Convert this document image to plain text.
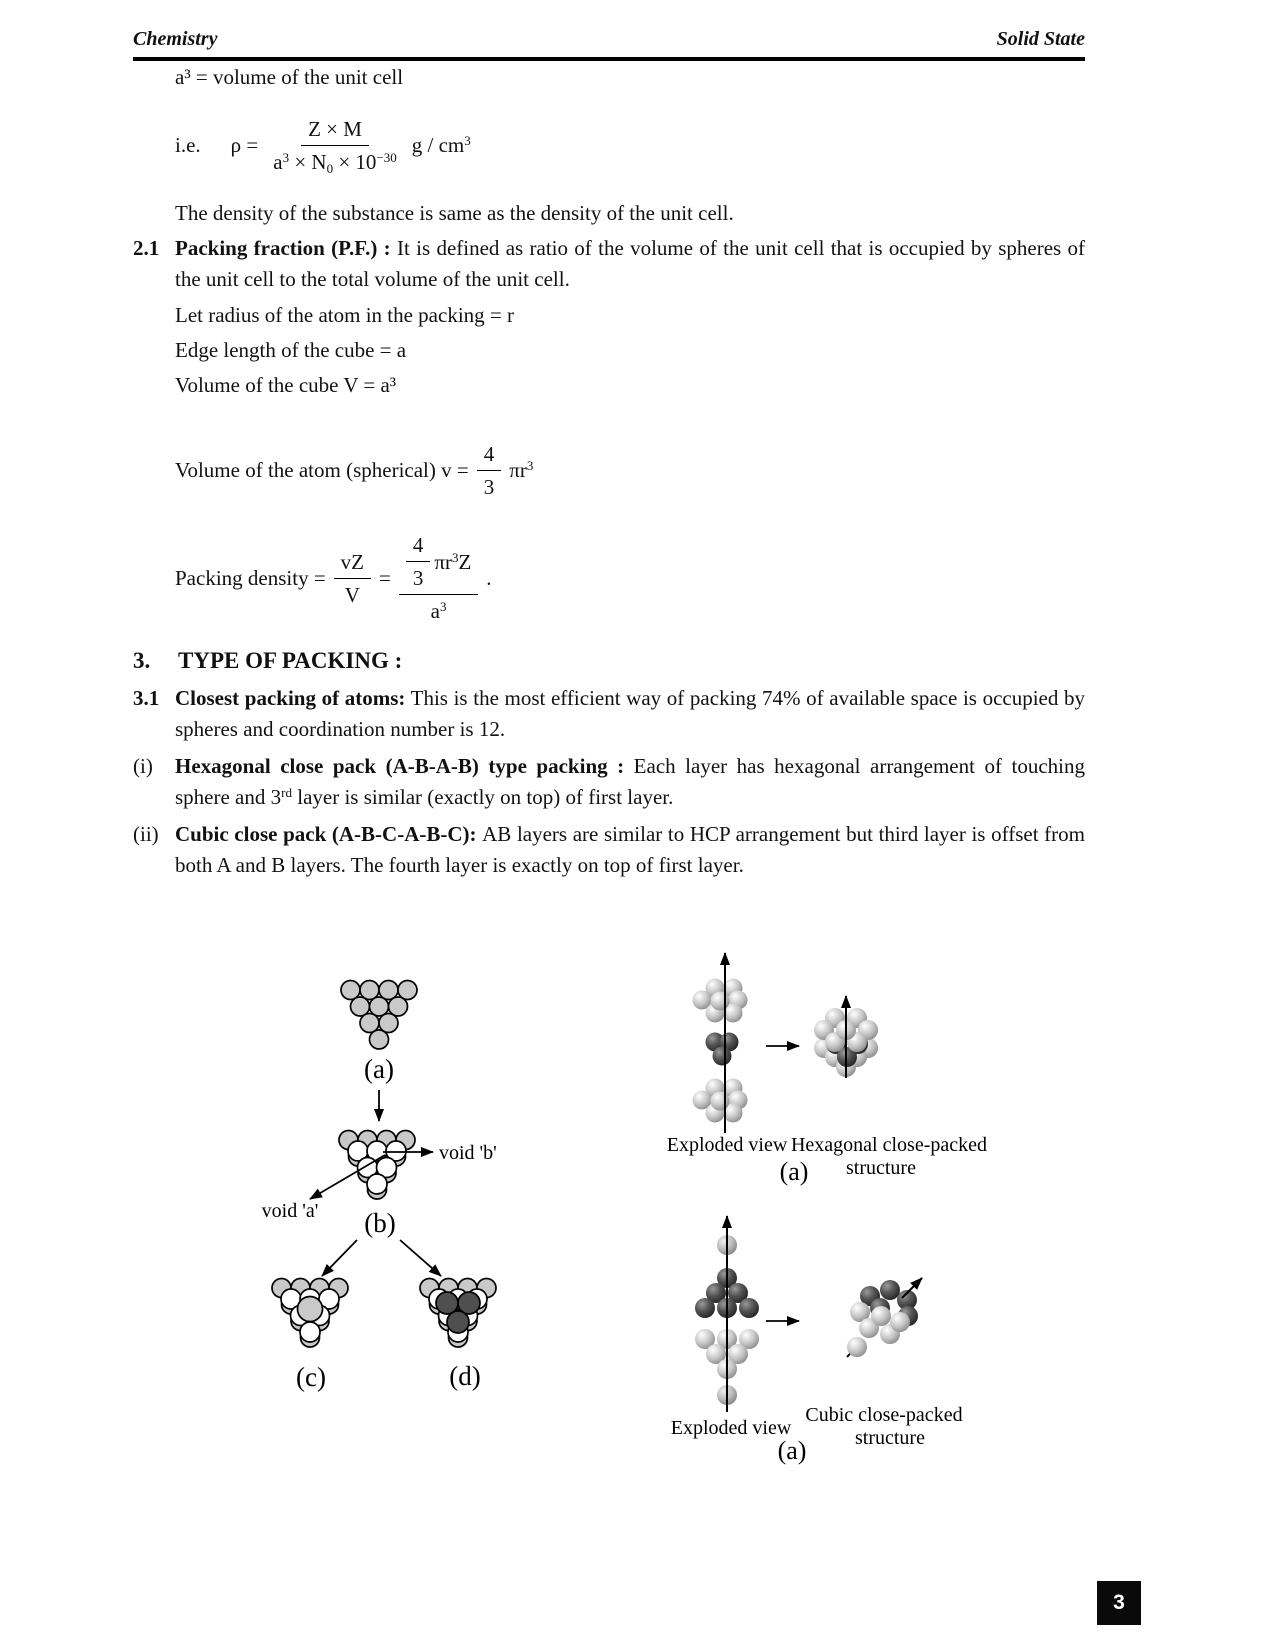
Chemistry	Solid State
a³ = volume of the unit cell
i.e. $\rho = \frac{Z \times M}{a^3 \times N_0 \times 10^{-30}}$ g / $cm^3$
The density of the substance is same as the density of the unit cell.
2.1 Packing fraction (P.F.) : It is defined as ratio of the volume of the unit cell that is occupied by spheres of the unit cell to the total volume of the unit cell.
Let radius of the atom in the packing = r
Edge length of the cube = a
Volume of the cube V = a³
Volume of the atom (spherical) $v = \frac{4}{3} \pi r^3$
Packing density = $\frac{vZ}{V} = \frac{\frac{4}{3} \pi r^3Z}{a^3}$ .
3. TYPE OF PACKING :
3.1 Closest packing of atoms: This is the most efficient way of packing 74% of available space is occupied by spheres and coordination number is 12.
(i) Hexagonal close pack (A-B-A-B) type packing : Each layer has hexagonal arrangement of touching sphere and 3rd layer is similar (exactly on top) of first layer.
(ii) Cubic close pack (A-B-C-A-B-C): AB layers are similar to HCP arrangement but third layer is offset from both A and B layers. The fourth layer is exactly on top of first layer.
(a)
void 'b'
void 'a' (b)
(c)	(d)
Exploded view Hexagonal close-packed
structure
(a)
Exploded view
Cubic close-packed
structure
(a)
3
